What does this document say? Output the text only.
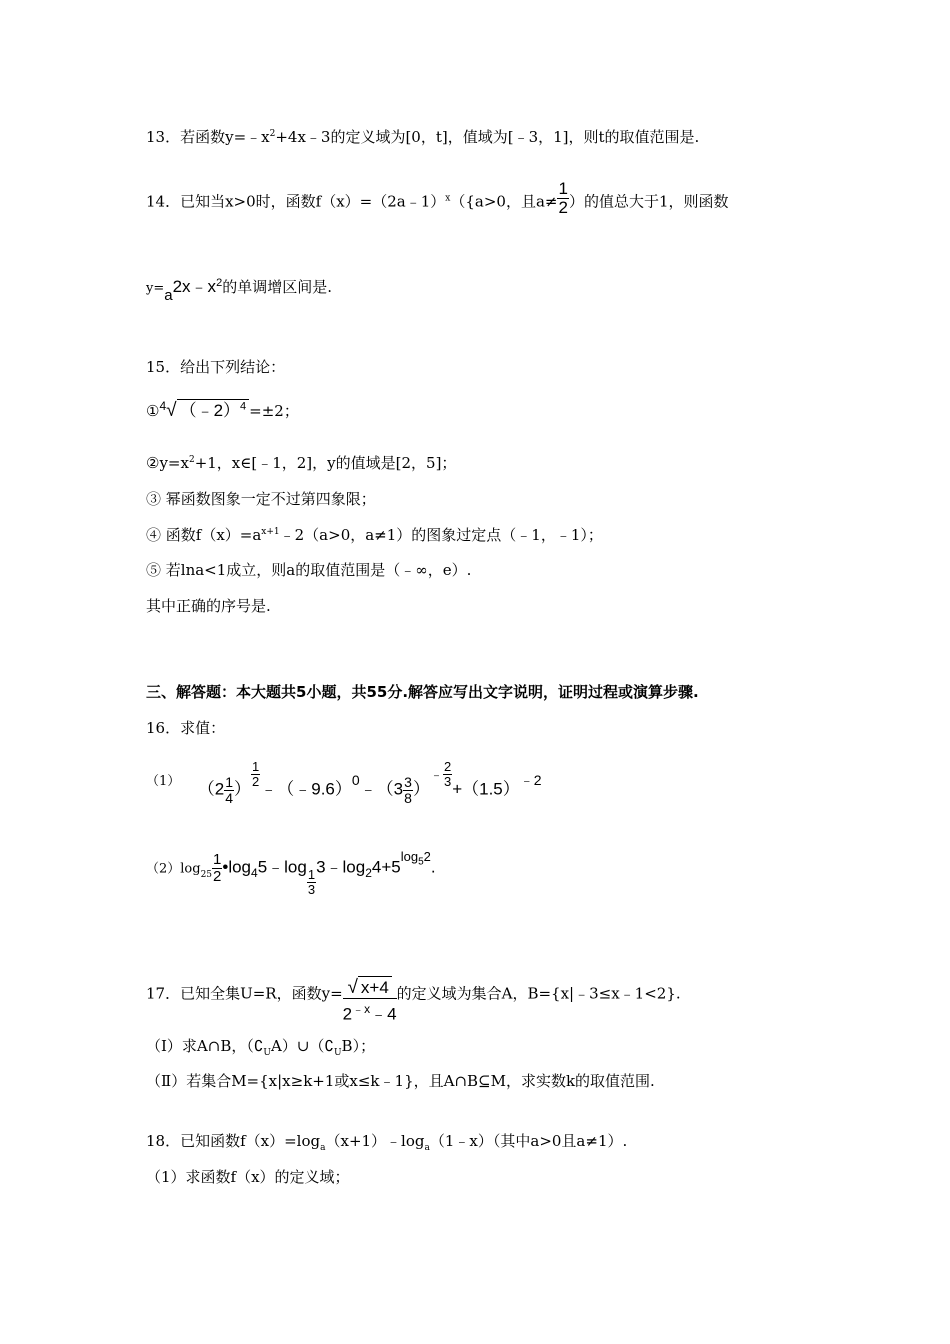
13．若函数$y=﹣x^2+4x﹣3$的定义域为[0，t]，值域为[﹣3，1]，则t的取值范围是.
14．已知当x>0时，函数f（x）=（2a﹣1）$^x$（{a>0，且$a\ne \frac{1}{2}$ ）的值总大于1，则函数
$y=a2x﹣x^2$的单调增区间是.
15．给出下列结论：
①$^4$√ （﹣2）$^4$ =±2；
$②y=x^2+1$，x∈[﹣1，2]，y的值域是[2，5]；
③ 幂函数图象一定不过第四象限；
④ 函数$f(x)=a^{x+1}﹣2(a>0$，a≠1）的图象过定点（﹣1，﹣1）；
⑤ 若lna<1成立，则a的取值范围是（﹣∞，e）.
其中正确的序号是.
三、解答题：本大题共5小题，共55分.解答应写出文字说明，证明过程或演算步骤.
16．求值：
$^{(1)}$ （$2 \frac{1}{4}$ ）
$\frac{1}{2}$
﹣（﹣9.6）$^0$﹣（3 $\frac{3}{8} )^﹣ \frac{2}{3}$
$+(1.5)^{﹣2}$
$(2)\log_{25} \frac{1}{2}$ $•\log_45﹣\log$
$\frac{1}{3}$
$3﹣\log_24+5^{log_52}$.
17．已知全集U=R，函数$y= \frac{√ x+4}{2^{﹣x}﹣4}$ 的定义域为集合A，B={x|﹣3≤x﹣1<2}.
（Ⅰ）求A∩B，$(∁_UA)\cup(∁_UB)$；
（Ⅱ）若集合M={x|x≥k+1或x≤k﹣1}，且A∩B⊆M，求实数k的取值范围.
18．已知函数$f(x)=\log_a(x+1)﹣\log_a(1﹣x)$（其中a>0且a≠1）.
（1）求函数f（x）的定义域；
